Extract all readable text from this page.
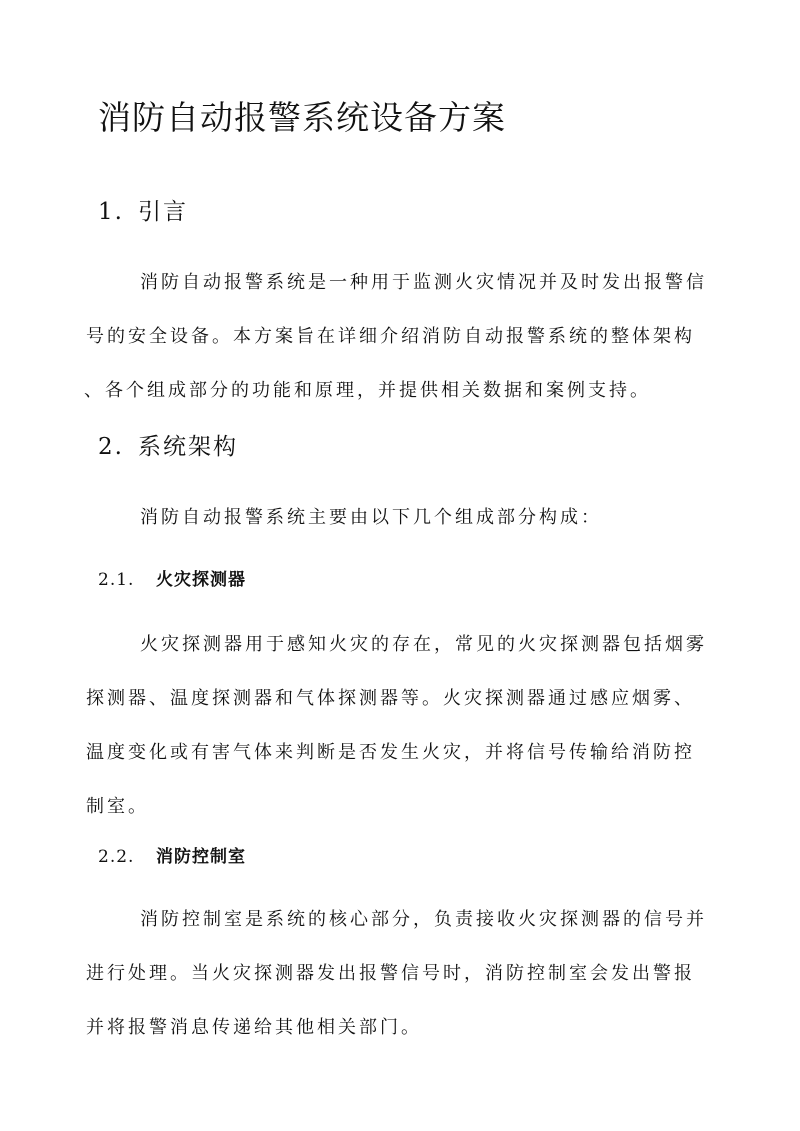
消防自动报警系统设备方案
1. 引言
消防自动报警系统是一种用于监测火灾情况并及时发出报警信
号的安全设备。本方案旨在详细介绍消防自动报警系统的整体架构
、各个组成部分的功能和原理，并提供相关数据和案例支持。
2. 系统架构
消防自动报警系统主要由以下几个组成部分构成：
2.1. 火灾探测器
火灾探测器用于感知火灾的存在，常见的火灾探测器包括烟雾
探测器、温度探测器和气体探测器等。火灾探测器通过感应烟雾、
温度变化或有害气体来判断是否发生火灾，并将信号传输给消防控
制室。
2.2. 消防控制室
消防控制室是系统的核心部分，负责接收火灾探测器的信号并
进行处理。当火灾探测器发出报警信号时，消防控制室会发出警报
并将报警消息传递给其他相关部门。
